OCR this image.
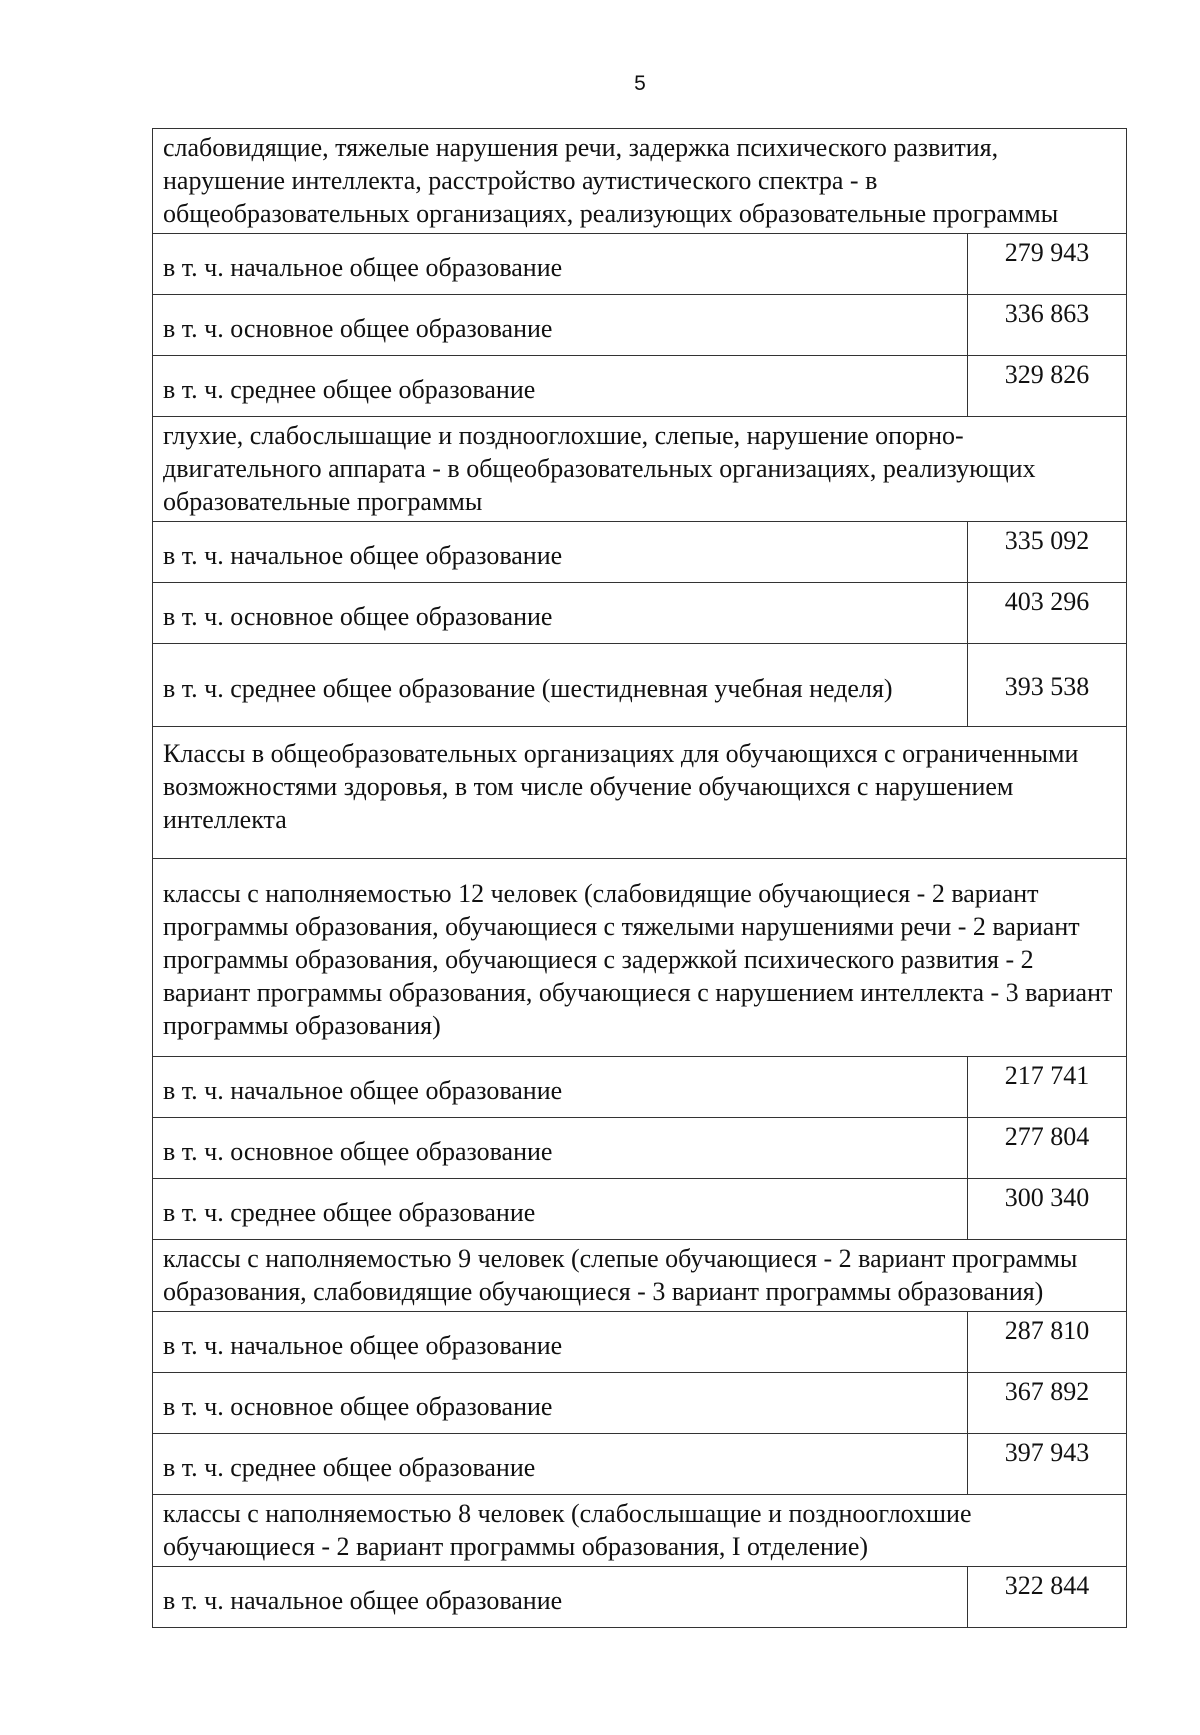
5
слабовидящие, тяжелые нарушения речи, задержка психического развития, нарушение интеллекта, расстройство аутистического спектра - в общеобразовательных организациях, реализующих образовательные программы	
в т. ч. начальное общее образование	279 943
в т. ч. основное общее образование	336 863
в т. ч. среднее общее образование	329 826
глухие, слабослышащие и позднооглохшие, слепые, нарушение опорно-двигательного аппарата - в общеобразовательных организациях, реализующих образовательные программы	
в т. ч. начальное общее образование	335 092
в т. ч. основное общее образование	403 296
в т. ч. среднее общее образование (шестидневная учебная неделя)	393 538
Классы в общеобразовательных организациях для обучающихся с ограниченными возможностями здоровья, в том числе обучение обучающихся с нарушением интеллекта	
классы с наполняемостью 12 человек (слабовидящие обучающиеся - 2 вариант программы образования, обучающиеся с тяжелыми нарушениями речи - 2 вариант программы образования, обучающиеся с задержкой психического развития - 2 вариант программы образования, обучающиеся с нарушением интеллекта - 3 вариант программы образования)	
в т. ч. начальное общее образование	217 741
в т. ч. основное общее образование	277 804
в т. ч. среднее общее образование	300 340
классы с наполняемостью 9 человек (слепые обучающиеся - 2 вариант программы образования, слабовидящие обучающиеся - 3 вариант программы образования)	
в т. ч. начальное общее образование	287 810
в т. ч. основное общее образование	367 892
в т. ч. среднее общее образование	397 943
классы с наполняемостью 8 человек (слабослышащие и позднооглохшие обучающиеся - 2 вариант программы образования, I отделение)	
в т. ч. начальное общее образование	322 844
